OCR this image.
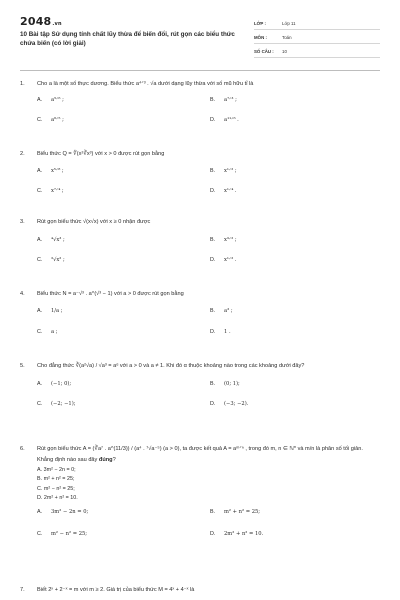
2048.vn
10 Bài tập Sử dụng tính chất lũy thừa để biến đổi, rút gọn các biểu thức chứa biến (có lời giải)
LỚP :	Lớp 11
MÔN :	Toán
SỐ CÂU :	10
1. Cho a là một số thực dương. Biểu thức a⁴ᐟ³ . √a dưới dạng lũy thừa với số mũ hữu tỉ là
A.	a⁵ᐟ⁶ ;	B.	a⁷ᐟ³ ;
C.	a⁶ᐟ⁵ ;	D.	a¹¹ᐟ⁶ .
2. Biểu thức Q = ∜(x²∛x³) với x > 0 được rút gọn bằng
A.	x⁵ᐟ⁸ ;	B.	x¹ᐟ² ;
C.	x⁷ᐟ⁴ ;	D.	x¹ᐟ⁴ .
3. Rút gọn biểu thức √(x√x) với x ≥ 0 nhận được
A.	⁴√x³ ;	B.	x³ᐟ² ;
C.	³√x² ;	D.	x¹ᐟ² .
4. Biểu thức N = a⁻√³ . a^(√³ − 1) với a > 0 được rút gọn bằng
A.	1/a ;	B.	a³ ;
C.	a ;	D.	1 .
5. Cho đẳng thức ∛(a²√a) / √a³ = aᵅ với a > 0 và a ≠ 1. Khi đó α thuộc khoảng nào trong các khoảng dưới đây?
A.	(−1; 0);	B.	(0; 1);
C.	(−2; −1);	D.	(−3; −2).
6. Rút gọn biểu thức A = (∛a⁷ . a^(11/3)) / (a⁴ . ⁷√a⁻⁵) (a > 0), ta được kết quả A = aᵐᐟⁿ , trong đó m, n ∈ ℕ* và m/n là phân số tối giản. Khẳng định nào sau đây đúng?
A. 3m² − 2n = 0;
B. m² + n² = 25;
C. m² − n² = 25;
D. 2m² + n² = 10.
A.	3m² − 2n = 0;	B.	m² + n² = 25;
C.	m² − n² = 25;	D.	2m² + n² = 10.
7. Biết 2ˣ + 2⁻ˣ = m với m ≥ 2. Giá trị của biểu thức M = 4ˣ + 4⁻ˣ là
